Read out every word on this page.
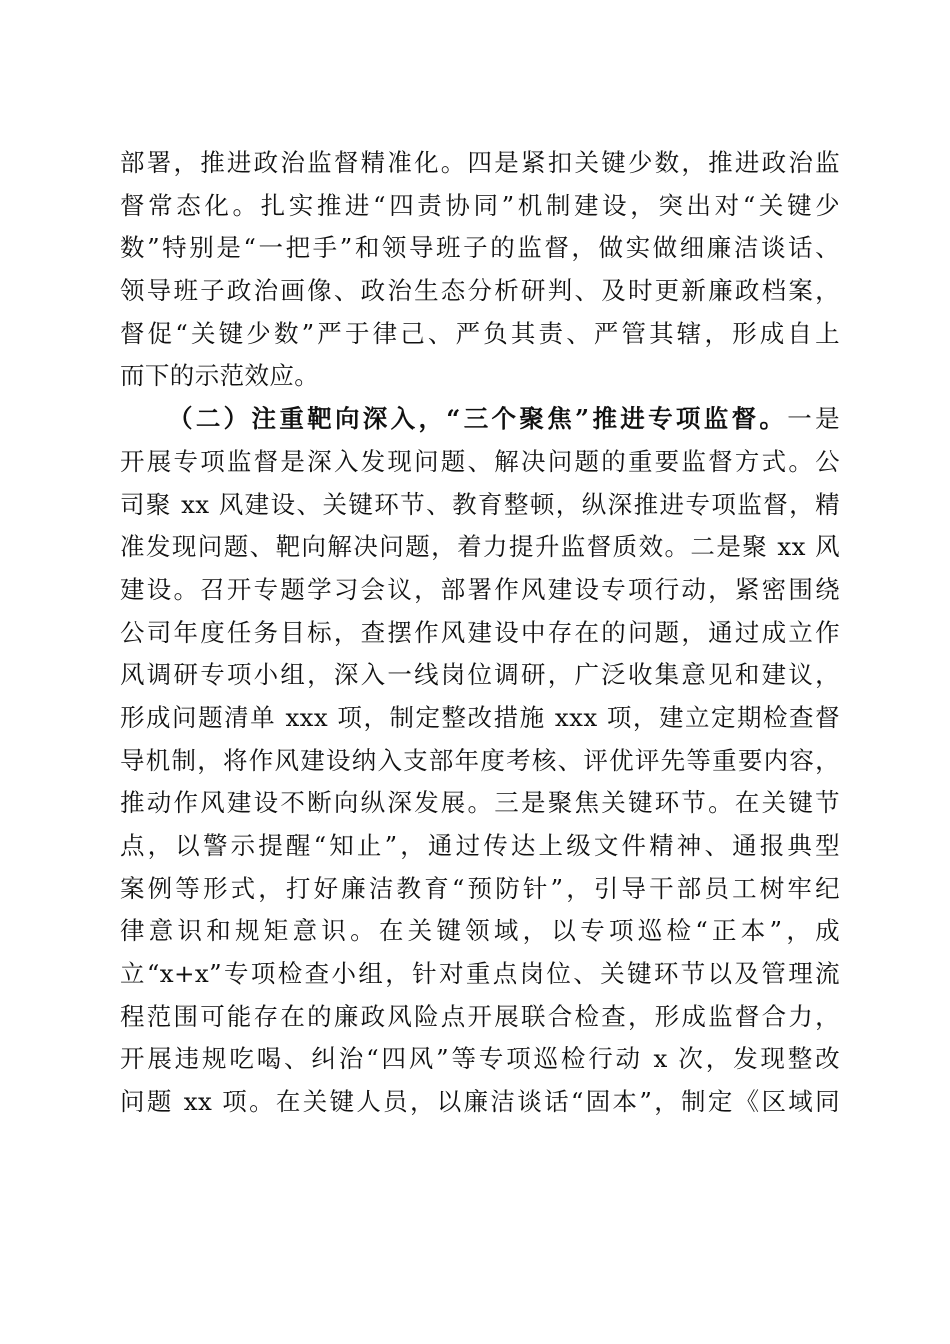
部署，推进政治监督精准化。四是紧扣关键少数，推进政治监
督常态化。扎实推进“四责协同”机制建设，突出对“关键少
数”特别是“一把手”和领导班子的监督，做实做细廉洁谈话、
领导班子政治画像、政治生态分析研判、及时更新廉政档案，
督促“关键少数”严于律己、严负其责、严管其辖，形成自上
而下的示范效应。
（二）注重靶向深入，“三个聚焦”推进专项监督。一是
开展专项监督是深入发现问题、解决问题的重要监督方式。公
司聚 xx 风建设、关键环节、教育整顿，纵深推进专项监督，精
准发现问题、靶向解决问题，着力提升监督质效。二是聚 xx 风
建设。召开专题学习会议，部署作风建设专项行动，紧密围绕
公司年度任务目标，查摆作风建设中存在的问题，通过成立作
风调研专项小组，深入一线岗位调研，广泛收集意见和建议，
形成问题清单 xxx 项，制定整改措施 xxx 项，建立定期检查督
导机制，将作风建设纳入支部年度考核、评优评先等重要内容，
推动作风建设不断向纵深发展。三是聚焦关键环节。在关键节
点，以警示提醒“知止”，通过传达上级文件精神、通报典型
案例等形式，打好廉洁教育“预防针”，引导干部员工树牢纪
律意识和规矩意识。在关键领域，以专项巡检“正本”，成
立“x+x”专项检查小组，针对重点岗位、关键环节以及管理流
程范围可能存在的廉政风险点开展联合检查，形成监督合力，
开展违规吃喝、纠治“四风”等专项巡检行动 x 次，发现整改
问题 xx 项。在关键人员，以廉洁谈话“固本”，制定《区域同
